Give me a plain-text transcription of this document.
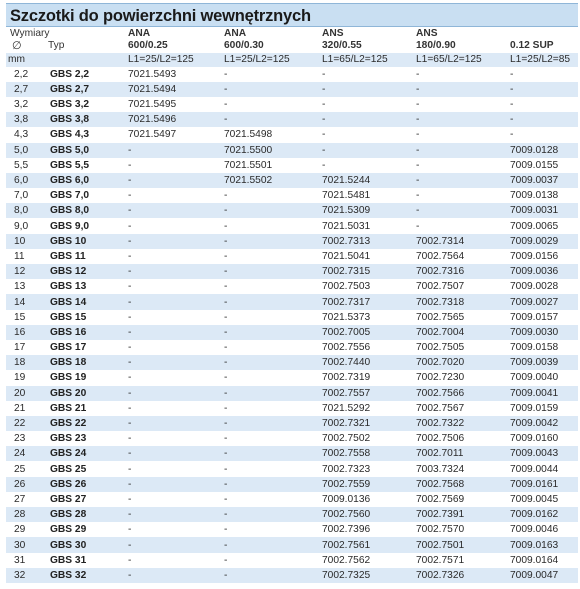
Szczotki do powierzchni wewnętrznych
Wymiary		ANA	ANA	ANS	ANS	
∅	Typ	600/0.25	600/0.30	320/0.55	180/0.90	0.12 SUP
mm		L1=25/L2=125	L1=25/L2=125	L1=65/L2=125	L1=65/L2=125	L1=25/L2=85
2,2	GBS 2,2	7021.5493	-	-	-	-
2,7	GBS 2,7	7021.5494	-	-	-	-
3,2	GBS 3,2	7021.5495	-	-	-	-
3,8	GBS 3,8	7021.5496	-	-	-	-
4,3	GBS 4,3	7021.5497	7021.5498	-	-	-
5,0	GBS 5,0	-	7021.5500	-	-	7009.0128
5,5	GBS 5,5	-	7021.5501	-	-	7009.0155
6,0	GBS 6,0	-	7021.5502	7021.5244	-	7009.0037
7,0	GBS 7,0	-	-	7021.5481	-	7009.0138
8,0	GBS 8,0	-	-	7021.5309	-	7009.0031
9,0	GBS 9,0	-	-	7021.5031	-	7009.0065
10	GBS 10	-	-	7002.7313	7002.7314	7009.0029
11	GBS 11	-	-	7021.5041	7002.7564	7009.0156
12	GBS 12	-	-	7002.7315	7002.7316	7009.0036
13	GBS 13	-	-	7002.7503	7002.7507	7009.0028
14	GBS 14	-	-	7002.7317	7002.7318	7009.0027
15	GBS 15	-	-	7021.5373	7002.7565	7009.0157
16	GBS 16	-	-	7002.7005	7002.7004	7009.0030
17	GBS 17	-	-	7002.7556	7002.7505	7009.0158
18	GBS 18	-	-	7002.7440	7002.7020	7009.0039
19	GBS 19	-	-	7002.7319	7002.7230	7009.0040
20	GBS 20	-	-	7002.7557	7002.7566	7009.0041
21	GBS 21	-	-	7021.5292	7002.7567	7009.0159
22	GBS 22	-	-	7002.7321	7002.7322	7009.0042
23	GBS 23	-	-	7002.7502	7002.7506	7009.0160
24	GBS 24	-	-	7002.7558	7002.7011	7009.0043
25	GBS 25	-	-	7002.7323	7003.7324	7009.0044
26	GBS 26	-	-	7002.7559	7002.7568	7009.0161
27	GBS 27	-	-	7009.0136	7002.7569	7009.0045
28	GBS 28	-	-	7002.7560	7002.7391	7009.0162
29	GBS 29	-	-	7002.7396	7002.7570	7009.0046
30	GBS 30	-	-	7002.7561	7002.7501	7009.0163
31	GBS 31	-	-	7002.7562	7002.7571	7009.0164
32	GBS 32	-	-	7002.7325	7002.7326	7009.0047
